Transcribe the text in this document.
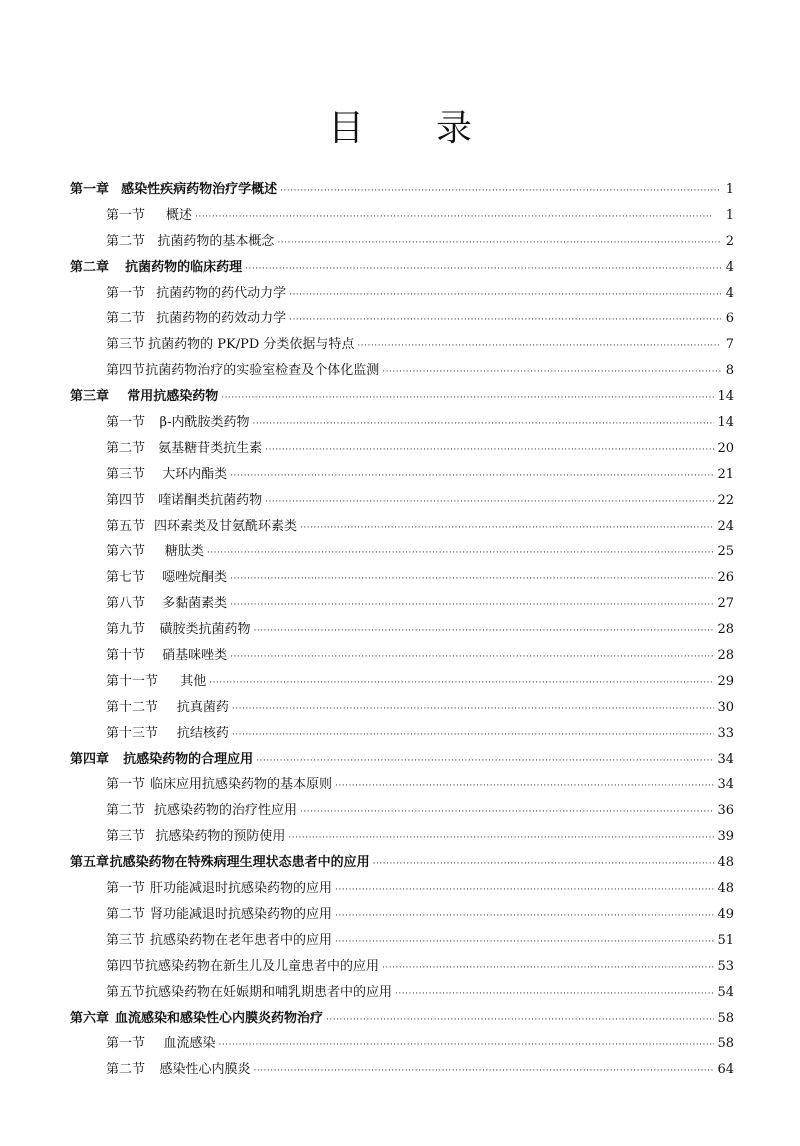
目录
第一章 感染性疾病药物治疗学概述 ·····	1
第一节	概述 ·····	1
第二节 抗菌药物的基本概念 ·····	2
第二章	抗菌药物的临床药理 ·····	4
第一节 抗菌药物的药代动力学 ·····	4
第二节 抗菌药物的药效动力学 ·····	6
第三节 抗菌药物的 PK/PD 分类依据与特点 ·····	7
第四节 抗菌药物治疗的实验室检查及个体化监测 ·····	8
第三章	常用抗感染药物 ·····	14
第一节	β-内酰胺类药物 ·····	14
第二节	氨基糖苷类抗生素 ·····	20
第三节	大环内酯类 ·····	21
第四节	喹诺酮类抗菌药物 ·····	22
第五节 四环素类及甘氨酰环素类 ·····	24
第六节	糖肽类 ·····	25
第七节	噁唑烷酮类 ·····	26
第八节	多黏菌素类 ·····	27
第九节	磺胺类抗菌药物 ·····	28
第十节	硝基咪唑类 ·····	28
第十一节	其他 ·····	29
第十二节	抗真菌药 ·····	30
第十三节	抗结核药 ·····	33
第四章	抗感染药物的合理应用 ·····	34
第一节 临床应用抗感染药物的基本原则 ·····	34
第二节 抗感染药物的治疗性应用 ·····	36
第三节 抗感染药物的预防使用 ·····	39
第五章 抗感染药物在特殊病理生理状态患者中的应用 ·····	48
第一节 肝功能减退时抗感染药物的应用 ·····	48
第二节 肾功能减退时抗感染药物的应用 ·····	49
第三节 抗感染药物在老年患者中的应用 ·····	51
第四节 抗感染药物在新生儿及儿童患者中的应用 ·····	53
第五节 抗感染药物在妊娠期和哺乳期患者中的应用 ·····	54
第六章 血流感染和感染性心内膜炎药物治疗 ·····	58
第一节	血流感染 ·····	58
第二节	感染性心内膜炎 ·····	64
